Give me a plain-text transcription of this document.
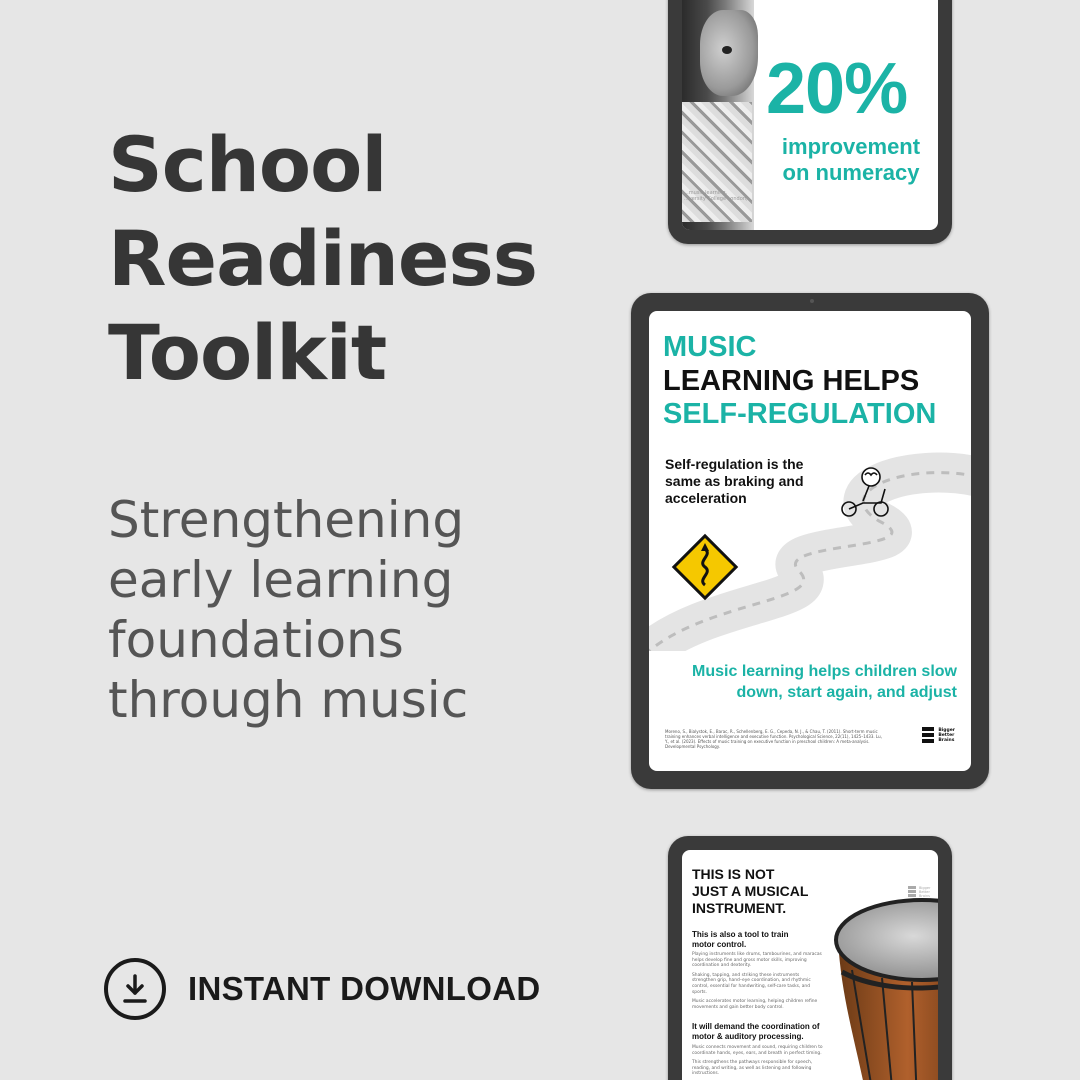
School
Readiness
Toolkit
Strengthening
early learning
foundations
through music
INSTANT DOWNLOAD
...music learning.
...versity College London)
20%
improvement
on numeracy
MUSIC
LEARNING HELPS
SELF-REGULATION
Self-regulation is the same as braking and acceleration
Music learning helps children slow
down, start again, and adjust
Moreno, S., Bialystok, E., Barac, R., Schellenberg, E. G., Cepeda, N. J., & Chau, T. (2011). Short-term music training enhances verbal intelligence and executive function. Psychological Science, 22(11), 1425–1433. Lu, Y., et al. (2023). Effects of music training on executive function in preschool children: A meta-analysis. Developmental Psychology.
Bigger
Better
Brains
THIS IS NOT
JUST A MUSICAL
INSTRUMENT.
Bigger
Better
Brains
This is also a tool to train motor control.

Playing instruments like drums, tambourines, and maracas helps develop fine and gross motor skills, improving coordination and dexterity.

Shaking, tapping, and striking these instruments strengthen grip, hand–eye coordination, and rhythmic control, essential for handwriting, self-care tasks, and sports.

Music accelerates motor learning, helping children refine movements and gain better body control.

It will demand the coordination of motor & auditory processing.

Music connects movement and sound, requiring children to coordinate hands, eyes, ears, and breath in perfect timing.

This strengthens the pathways responsible for speech, reading, and writing, as well as listening and following instructions.
